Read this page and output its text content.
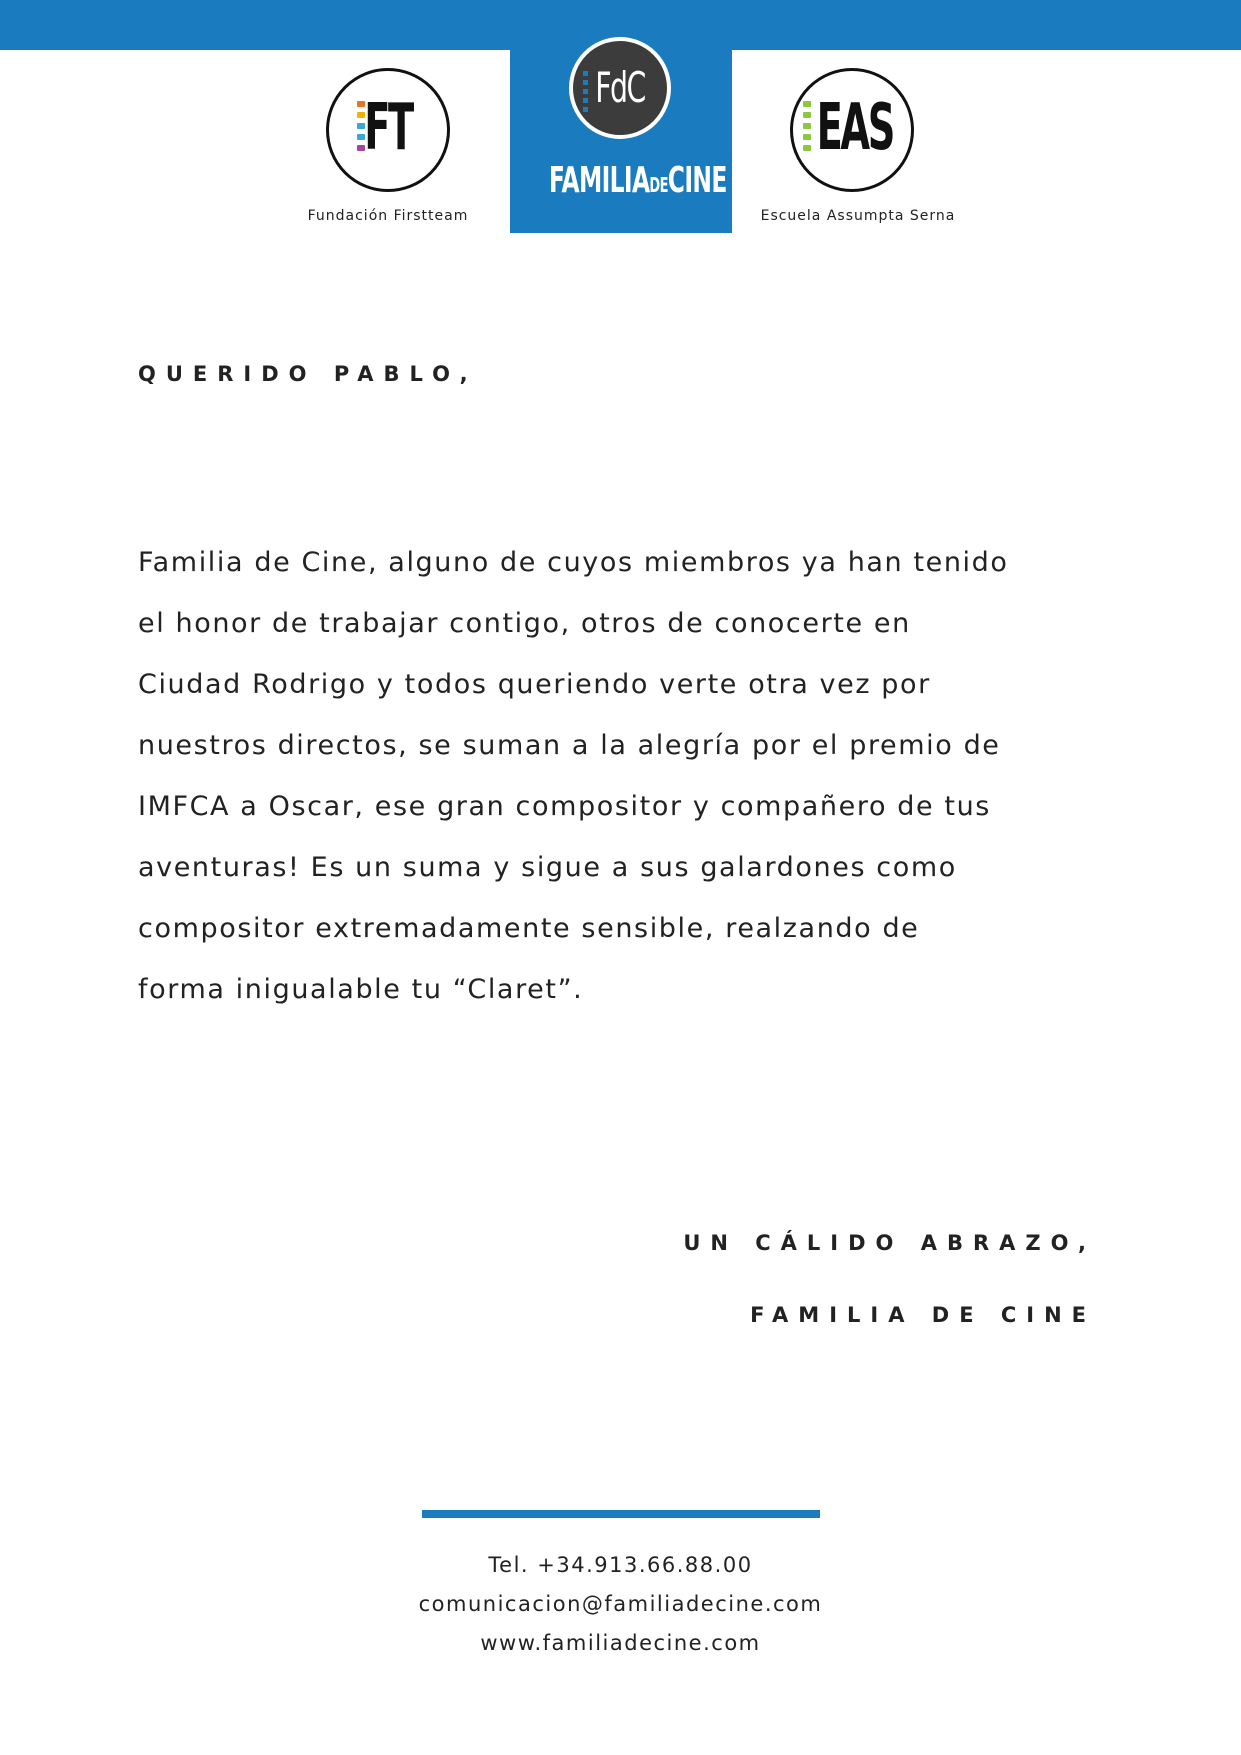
FdC
FAMILIADECINE
FT
Fundación Firstteam
EAS
Escuela Assumpta Serna
QUERIDO PABLO,
Familia de Cine, alguno de cuyos miembros ya han tenido
el honor de trabajar contigo, otros de conocerte en
Ciudad Rodrigo y todos queriendo verte otra vez por
nuestros directos, se suman a la alegría por el premio de
IMFCA a Oscar, ese gran compositor y compañero de tus
aventuras! Es un suma y sigue a sus galardones como
compositor extremadamente sensible, realzando de
forma inigualable tu “Claret”.
UN CÁLIDO ABRAZO,
FAMILIA DE CINE
Tel. +34.913.66.88.00
comunicacion@familiadecine.com
www.familiadecine.com
